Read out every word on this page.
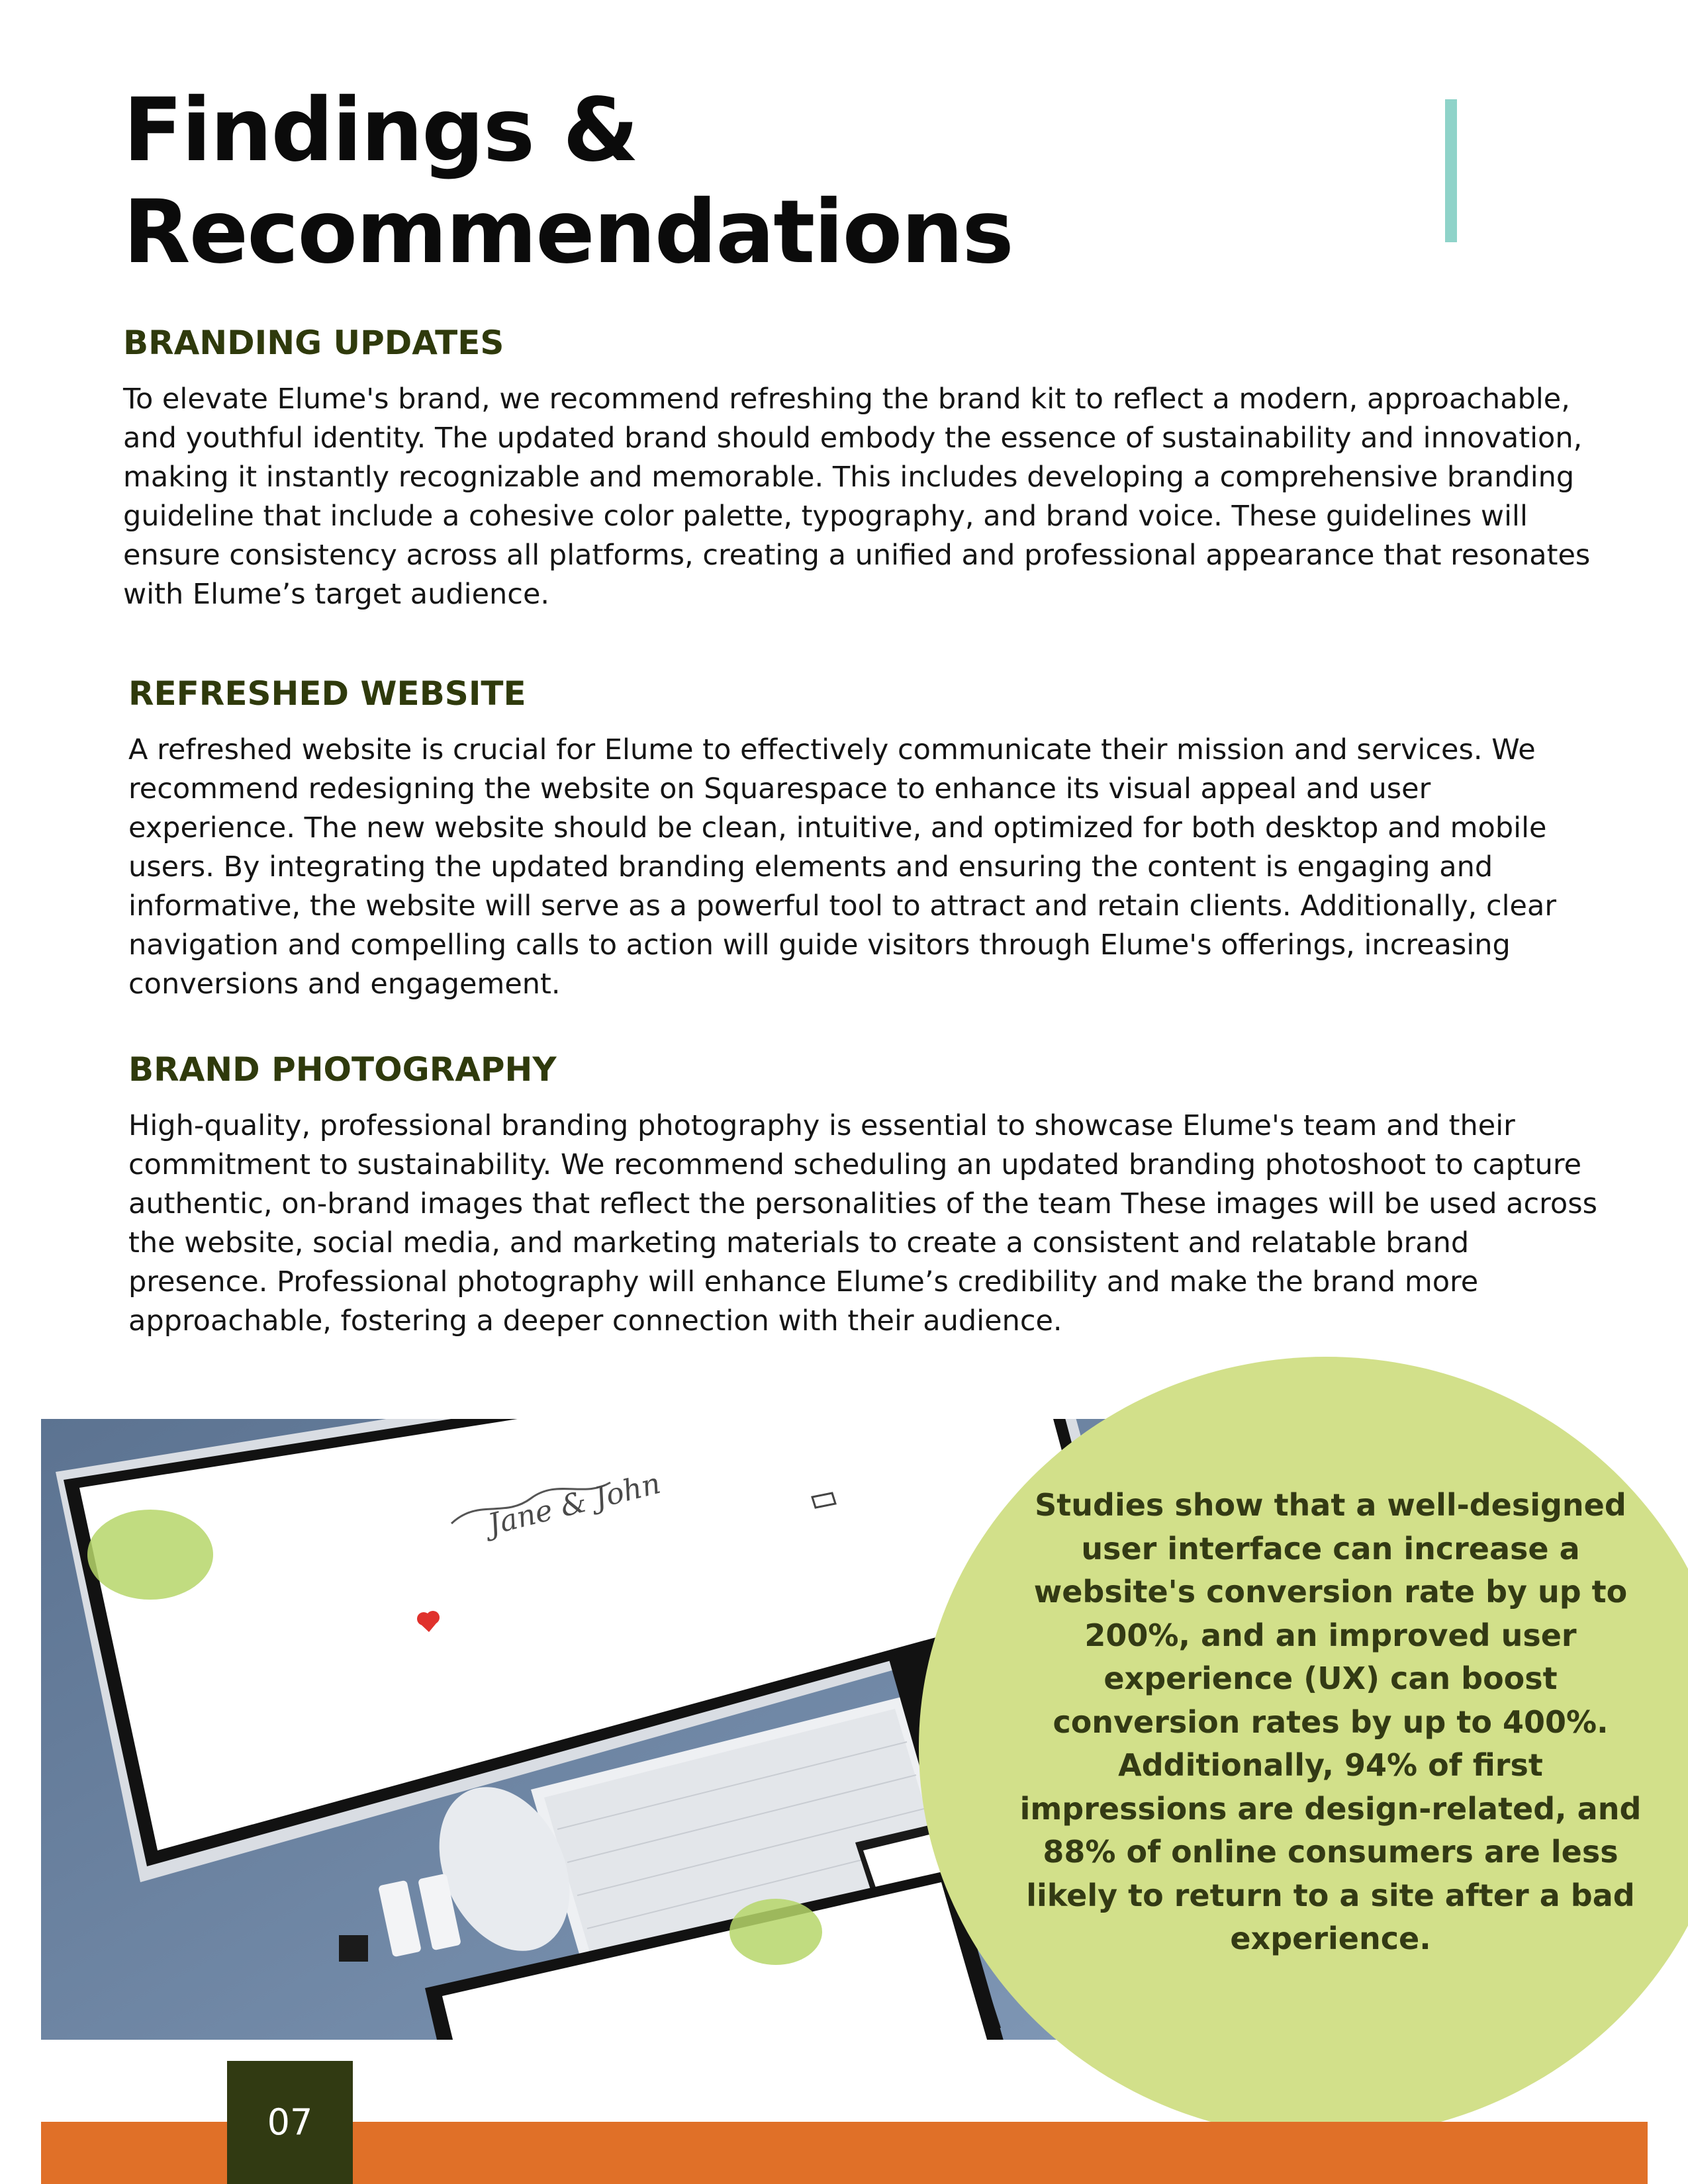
Findings &
Recommendations
BRANDING UPDATES

To elevate Elume's brand, we recommend refreshing the brand kit to reflect a modern, approachable, and youthful identity. The updated brand should embody the essence of sustainability and innovation, making it instantly recognizable and memorable. This includes developing a comprehensive branding guideline that include a cohesive color palette, typography, and brand voice. These guidelines will ensure consistency across all platforms, creating a unified and professional appearance that resonates with Elume’s target audience.

REFRESHED WEBSITE

A refreshed website is crucial for Elume to effectively communicate their mission and services. We recommend redesigning the website on Squarespace to enhance its visual appeal and user experience. The new website should be clean, intuitive, and optimized for both desktop and mobile users. By integrating the updated branding elements and ensuring the content is engaging and informative, the website will serve as a powerful tool to attract and retain clients. Additionally, clear navigation and compelling calls to action will guide visitors through Elume's offerings, increasing conversions and engagement.

BRAND PHOTOGRAPHY

High-quality, professional branding photography is essential to showcase Elume's team and their commitment to sustainability. We recommend scheduling an updated branding photoshoot to capture authentic, on-brand images that reflect the personalities of the team These images will be used across the website, social media, and marketing materials to create a consistent and relatable brand presence. Professional photography will enhance Elume’s credibility and make the brand more approachable, fostering a deeper connection with their audience.

Jane & John	Studies show that a well-designed user interface can increase a website's conversion rate by up to 200%, and an improved user experience (UX) can boost conversion rates by up to 400%. Additionally, 94% of first impressions are design-related, and 88% of online consumers are less likely to return to a site after a bad experience.

07
